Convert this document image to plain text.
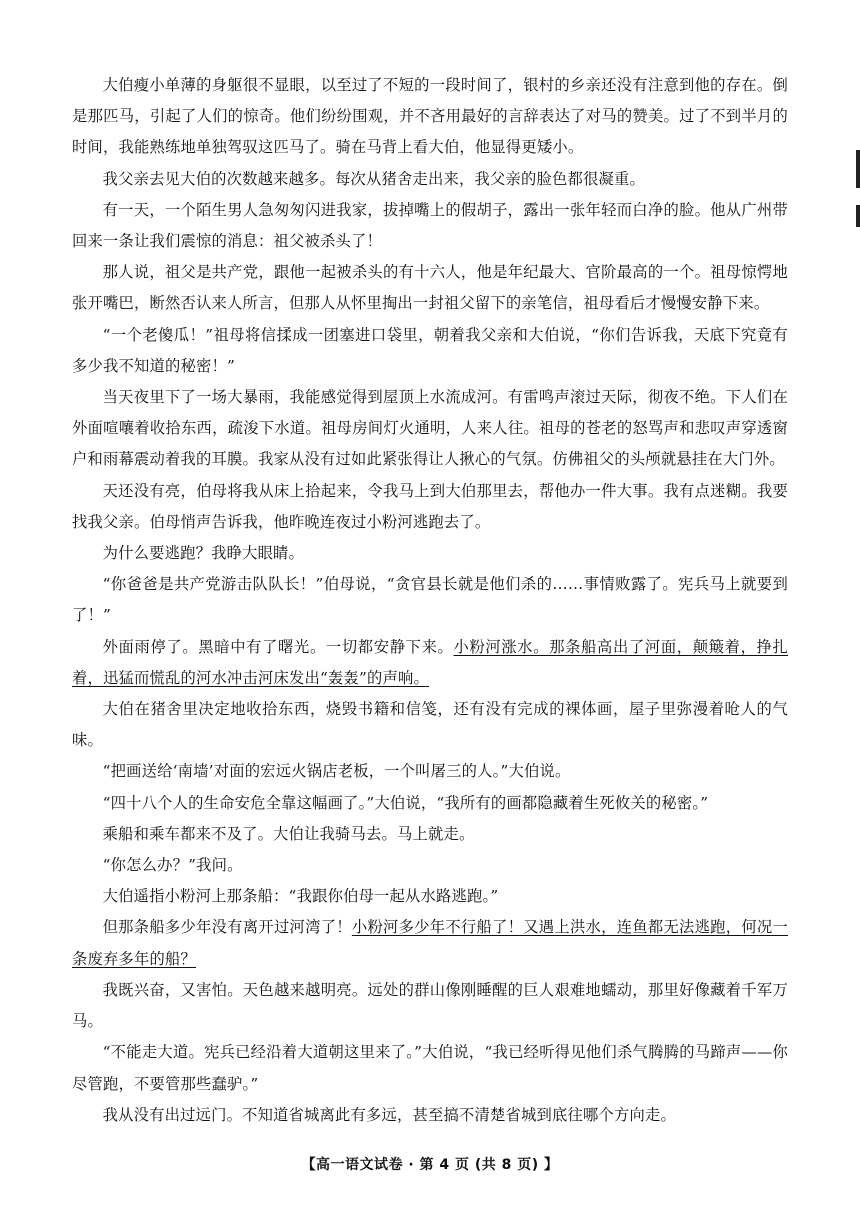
大伯瘦小单薄的身躯很不显眼，以至过了不短的一段时间了，银村的乡亲还没有注意到他的存在。倒是那匹马，引起了人们的惊奇。他们纷纷围观，并不吝用最好的言辞表达了对马的赞美。过了不到半月的时间，我能熟练地单独驾驭这匹马了。骑在马背上看大伯，他显得更矮小。

我父亲去见大伯的次数越来越多。每次从猪舍走出来，我父亲的脸色都很凝重。

有一天，一个陌生男人急匆匆闪进我家，拔掉嘴上的假胡子，露出一张年轻而白净的脸。他从广州带回来一条让我们震惊的消息：祖父被杀头了！

那人说，祖父是共产党，跟他一起被杀头的有十六人，他是年纪最大、官阶最高的一个。祖母惊愕地张开嘴巴，断然否认来人所言，但那人从怀里掏出一封祖父留下的亲笔信，祖母看后才慢慢安静下来。

“一个老傻瓜！”祖母将信揉成一团塞进口袋里，朝着我父亲和大伯说，“你们告诉我，天底下究竟有多少我不知道的秘密！”

当天夜里下了一场大暴雨，我能感觉得到屋顶上水流成河。有雷鸣声滚过天际，彻夜不绝。下人们在外面喧嚷着收拾东西，疏浚下水道。祖母房间灯火通明，人来人往。祖母的苍老的怒骂声和悲叹声穿透窗户和雨幕震动着我的耳膜。我家从没有过如此紧张得让人揪心的气氛。仿佛祖父的头颅就悬挂在大门外。

天还没有亮，伯母将我从床上拾起来，令我马上到大伯那里去，帮他办一件大事。我有点迷糊。我要找我父亲。伯母悄声告诉我，他昨晚连夜过小粉河逃跑去了。

为什么要逃跑？我睁大眼睛。

“你爸爸是共产党游击队队长！”伯母说，“贪官县长就是他们杀的……事情败露了。宪兵马上就要到了！”

外面雨停了。黑暗中有了曙光。一切都安静下来。小粉河涨水。那条船高出了河面，颠簸着，挣扎着，迅猛而慌乱的河水冲击河床发出“轰轰”的声响。

大伯在猪舍里决定地收拾东西，烧毁书籍和信笺，还有没有完成的裸体画，屋子里弥漫着呛人的气味。

“把画送给‘南墙’对面的宏远火锅店老板，一个叫屠三的人。”大伯说。

“四十八个人的生命安危全靠这幅画了。”大伯说，“我所有的画都隐藏着生死攸关的秘密。”

乘船和乘车都来不及了。大伯让我骑马去。马上就走。

“你怎么办？”我问。

大伯遥指小粉河上那条船：“我跟你伯母一起从水路逃跑。”

但那条船多少年没有离开过河湾了！小粉河多少年不行船了！又遇上洪水，连鱼都无法逃跑，何况一条废弃多年的船？

我既兴奋，又害怕。天色越来越明亮。远处的群山像刚睡醒的巨人艰难地蠕动，那里好像藏着千军万马。

“不能走大道。宪兵已经沿着大道朝这里来了。”大伯说，“我已经听得见他们杀气腾腾的马蹄声——你尽管跑，不要管那些蠢驴。”

我从没有出过远门。不知道省城离此有多远，甚至搞不清楚省城到底往哪个方向走。

【高一语文试卷 · 第 4 页 (共 8 页) 】
